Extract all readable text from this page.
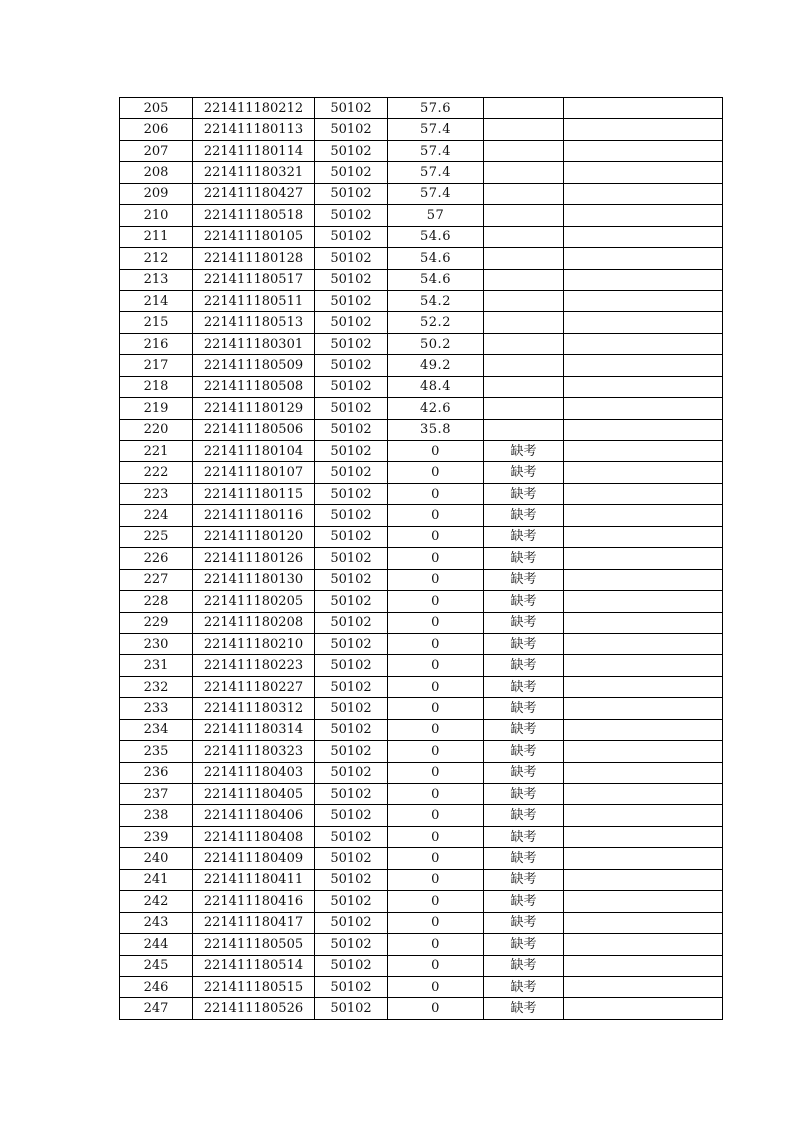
205	221411180212	50102	57.6		
206	221411180113	50102	57.4		
207	221411180114	50102	57.4		
208	221411180321	50102	57.4		
209	221411180427	50102	57.4		
210	221411180518	50102	57		
211	221411180105	50102	54.6		
212	221411180128	50102	54.6		
213	221411180517	50102	54.6		
214	221411180511	50102	54.2		
215	221411180513	50102	52.2		
216	221411180301	50102	50.2		
217	221411180509	50102	49.2		
218	221411180508	50102	48.4		
219	221411180129	50102	42.6		
220	221411180506	50102	35.8		
221	221411180104	50102	0	缺考	
222	221411180107	50102	0	缺考	
223	221411180115	50102	0	缺考	
224	221411180116	50102	0	缺考	
225	221411180120	50102	0	缺考	
226	221411180126	50102	0	缺考	
227	221411180130	50102	0	缺考	
228	221411180205	50102	0	缺考	
229	221411180208	50102	0	缺考	
230	221411180210	50102	0	缺考	
231	221411180223	50102	0	缺考	
232	221411180227	50102	0	缺考	
233	221411180312	50102	0	缺考	
234	221411180314	50102	0	缺考	
235	221411180323	50102	0	缺考	
236	221411180403	50102	0	缺考	
237	221411180405	50102	0	缺考	
238	221411180406	50102	0	缺考	
239	221411180408	50102	0	缺考	
240	221411180409	50102	0	缺考	
241	221411180411	50102	0	缺考	
242	221411180416	50102	0	缺考	
243	221411180417	50102	0	缺考	
244	221411180505	50102	0	缺考	
245	221411180514	50102	0	缺考	
246	221411180515	50102	0	缺考	
247	221411180526	50102	0	缺考	
